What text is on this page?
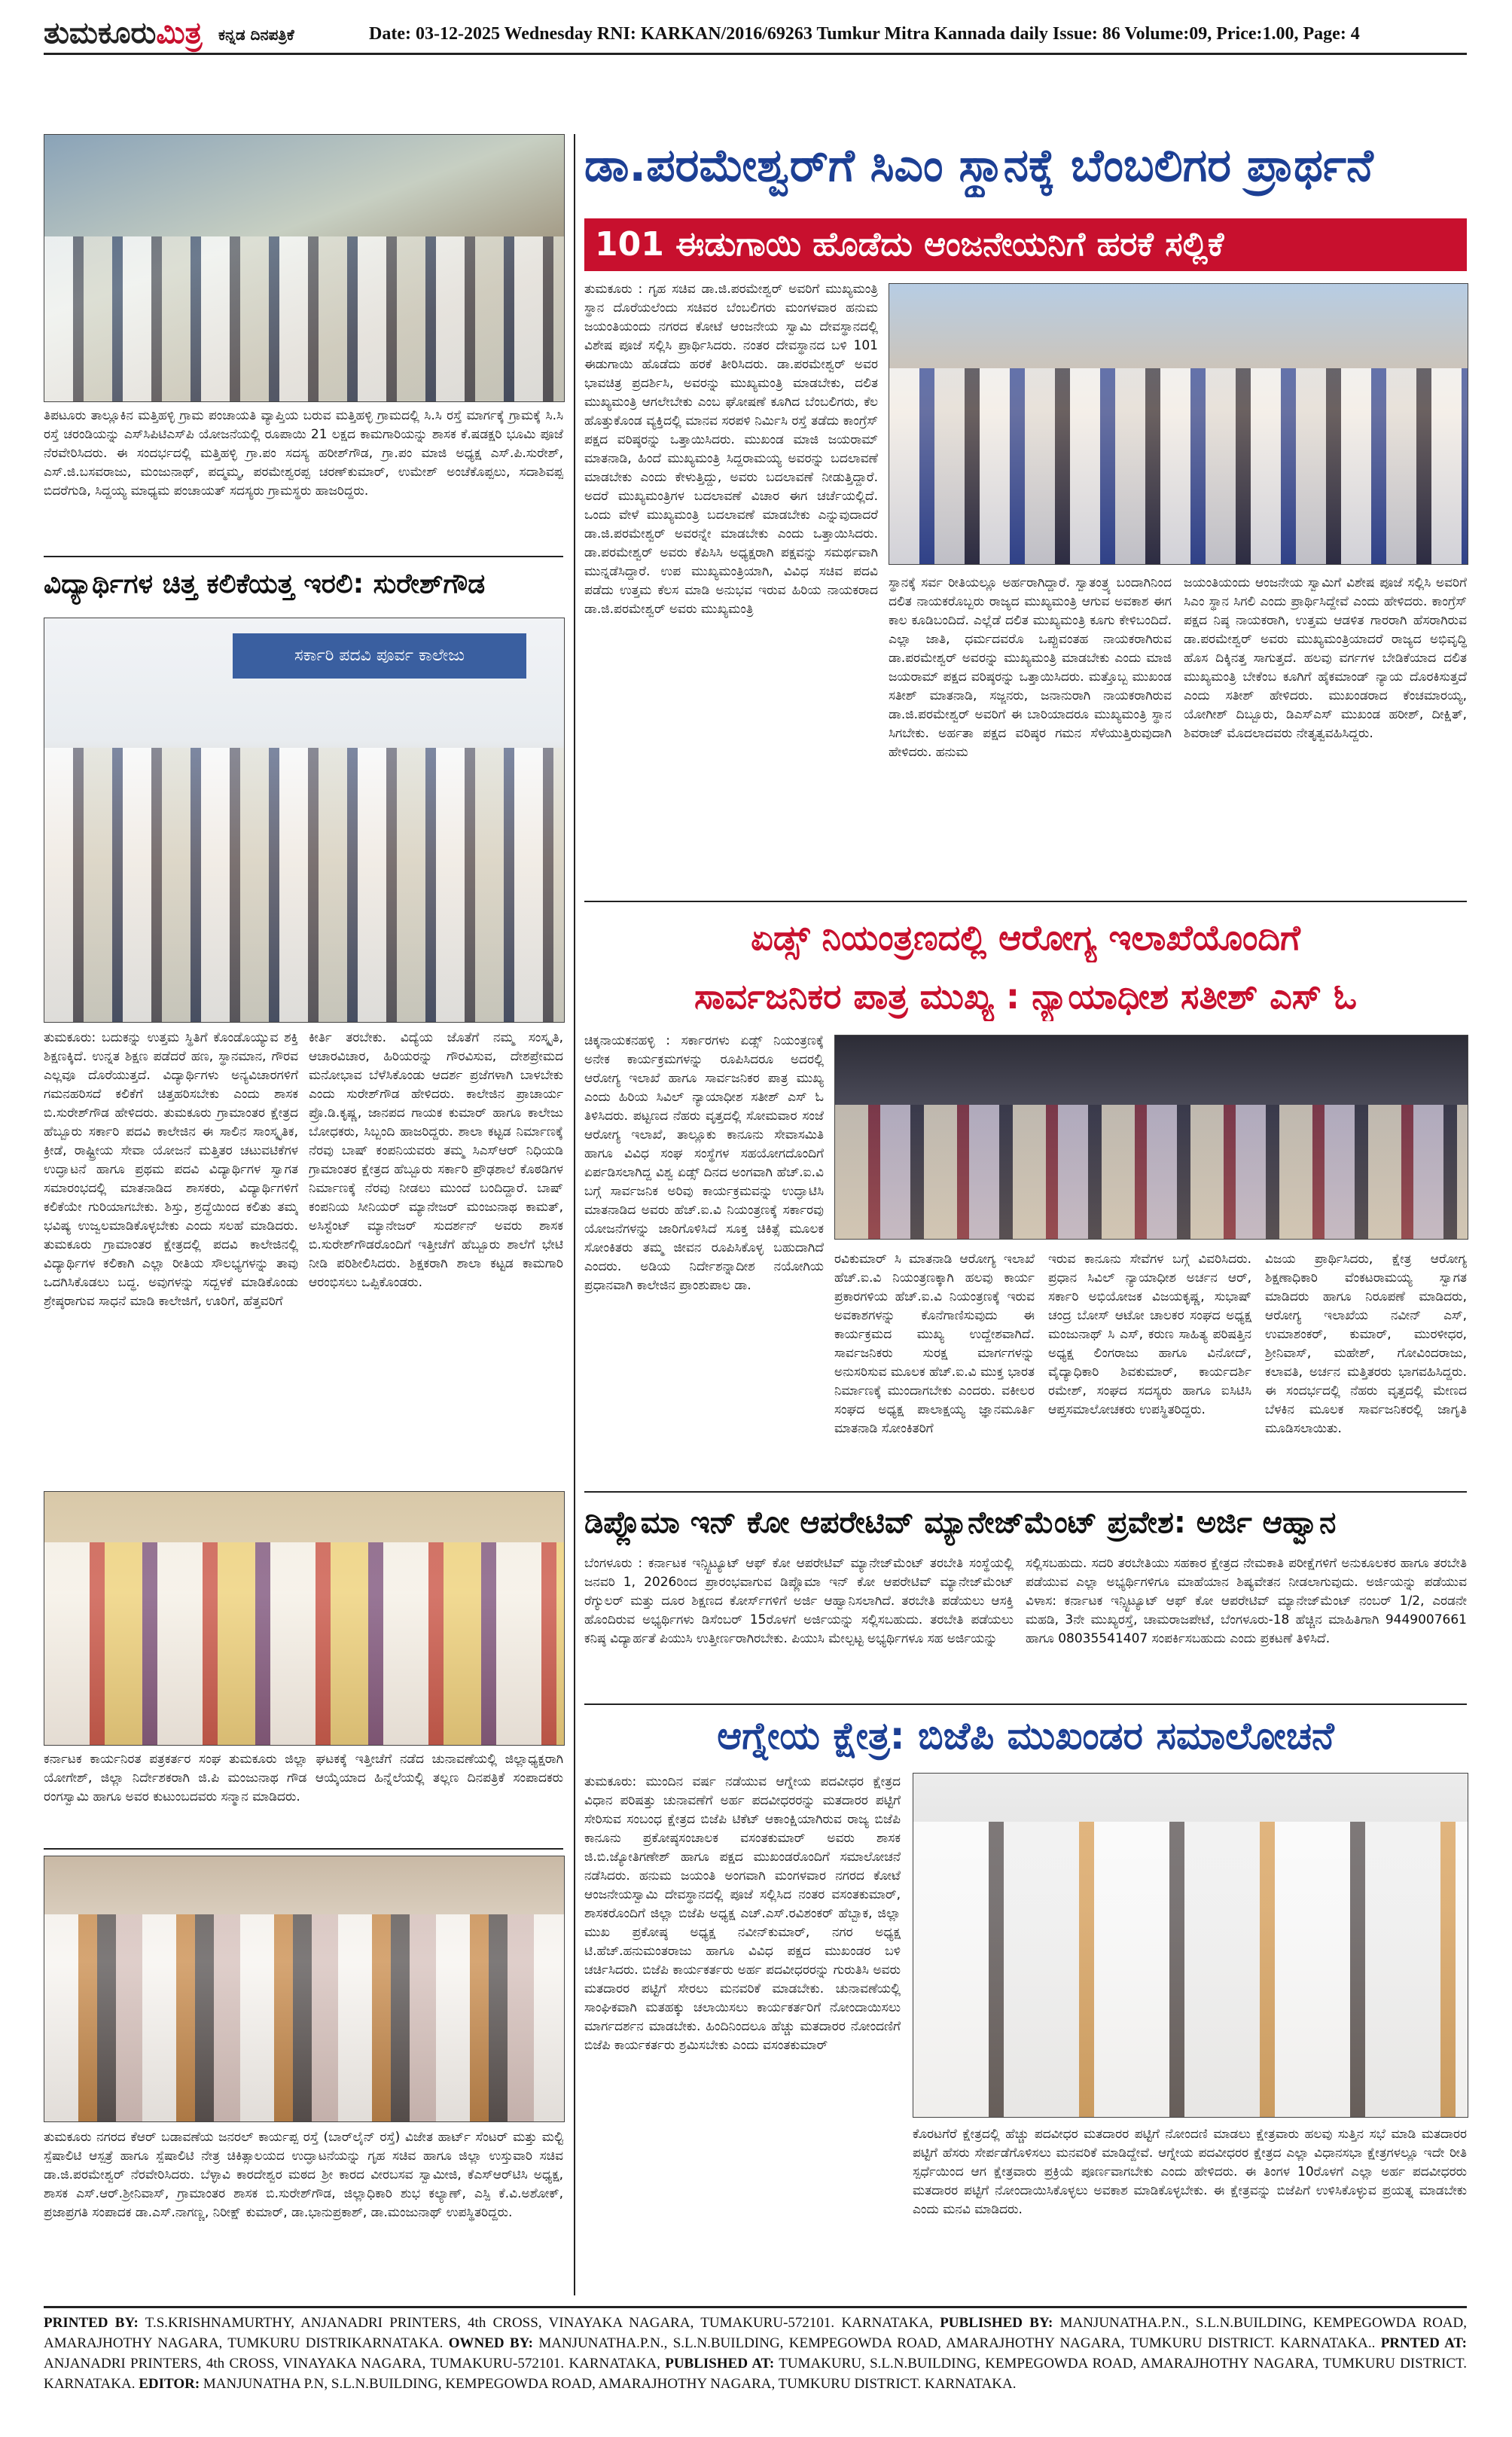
ತುಮಕೂರುಮಿತ್ರ ಕನ್ನಡ ದಿನಪತ್ರಿಕೆ	Date: 03-12-2025 Wednesday RNI: KARKAN/2016/69263 Tumkur Mitra Kannada daily Issue: 86 Volume:09, Price:1.00, Page: 4
ತಿಪಟೂರು ತಾಲ್ಲೂಕಿನ ಮತ್ತಿಹಳ್ಳಿ ಗ್ರಾಮ ಪಂಚಾಯತಿ ವ್ಯಾಪ್ತಿಯ ಬರುವ ಮತ್ತಿಹಳ್ಳಿ ಗ್ರಾಮದಲ್ಲಿ ಸಿ.ಸಿ ರಸ್ತೆ ಮಾರ್ಗಕ್ಕೆ ಗ್ರಾಮಕ್ಕೆ ಸಿ.ಸಿ ರಸ್ತೆ ಚರಂಡಿಯನ್ನು ಎಸ್‌ಸಿಪಿಟಿಎಸ್‌ಪಿ ಯೋಜನೆಯಲ್ಲಿ ರೂಪಾಯಿ 21 ಲಕ್ಷದ ಕಾಮಗಾರಿಯನ್ನು ಶಾಸಕ ಕೆ.ಷಡಕ್ಷರಿ ಭೂಮಿ ಪೂಜೆ ನೆರವೇರಿಸಿದರು. ಈ ಸಂದರ್ಭದಲ್ಲಿ ಮತ್ತಿಹಳ್ಳಿ ಗ್ರಾ.ಪಂ ಸದಸ್ಯ ಹರೀಶ್‌ಗೌಡ, ಗ್ರಾ.ಪಂ ಮಾಜಿ ಅಧ್ಯಕ್ಷ ಎಸ್.ಪಿ.ಸುರೇಶ್, ಎಸ್.ಜಿ.ಬಸವರಾಜು, ಮಂಜುನಾಥ್, ಪದ್ಮಮ್ಮ, ಪರಮೇಶ್ವರಪ್ಪ ಚರಣ್‌ಕುಮಾರ್, ಉಮೇಶ್ ಅಂಚೆಕೊಪ್ಪಲು, ಸದಾಶಿವಪ್ಪ ಬಿದರೆಗುಡಿ, ಸಿದ್ದಯ್ಯ ಮಾಧ್ಯಮ ಪಂಚಾಯತ್ ಸದಸ್ಯರು ಗ್ರಾಮಸ್ಥರು ಹಾಜರಿದ್ದರು.
ವಿದ್ಯಾರ್ಥಿಗಳ ಚಿತ್ತ ಕಲಿಕೆಯತ್ತ ಇರಲಿ: ಸುರೇಶ್‌ಗೌಡ
ಸರ್ಕಾರಿ ಪದವಿ ಪೂರ್ವ ಕಾಲೇಜು
ತುಮಕೂರು: ಬದುಕನ್ನು ಉತ್ತಮ ಸ್ಥಿತಿಗೆ ಕೊಂಡೊಯ್ಯುವ ಶಕ್ತಿ ಶಿಕ್ಷಣಕ್ಕಿದೆ. ಉನ್ನತ ಶಿಕ್ಷಣ ಪಡೆದರೆ ಹಣ, ಸ್ಥಾನಮಾನ, ಗೌರವ ಎಲ್ಲವೂ ದೊರೆಯುತ್ತದೆ. ವಿದ್ಯಾರ್ಥಿಗಳು ಅನ್ಯವಿಚಾರಗಳಿಗೆ ಗಮನಹರಿಸದೆ ಕಲಿಕೆಗೆ ಚಿತ್ತಹರಿಸಬೇಕು ಎಂದು ಶಾಸಕ ಬಿ.ಸುರೇಶ್‌ಗೌಡ ಹೇಳಿದರು. ತುಮಕೂರು ಗ್ರಾಮಾಂತರ ಕ್ಷೇತ್ರದ ಹೆಬ್ಬೂರು ಸರ್ಕಾರಿ ಪದವಿ ಕಾಲೇಜಿನ ಈ ಸಾಲಿನ ಸಾಂಸ್ಕೃತಿಕ, ಕ್ರೀಡೆ, ರಾಷ್ಟ್ರೀಯ ಸೇವಾ ಯೋಜನೆ ಮತ್ತಿತರ ಚಟುವಟಿಕೆಗಳ ಉದ್ಘಾಟನೆ ಹಾಗೂ ಪ್ರಥಮ ಪದವಿ ವಿದ್ಯಾರ್ಥಿಗಳ ಸ್ವಾಗತ ಸಮಾರಂಭದಲ್ಲಿ ಮಾತನಾಡಿದ ಶಾಸಕರು, ವಿದ್ಯಾರ್ಥಿಗಳಿಗೆ ಕಲಿಕೆಯೇ ಗುರಿಯಾಗಬೇಕು. ಶಿಸ್ತು, ಶ್ರದ್ಧೆಯಿಂದ ಕಲಿತು ತಮ್ಮ ಭವಿಷ್ಯ ಉಜ್ವಲಮಾಡಿಕೊಳ್ಳಬೇಕು ಎಂದು ಸಲಹೆ ಮಾಡಿದರು. ತುಮಕೂರು ಗ್ರಾಮಾಂತರ ಕ್ಷೇತ್ರದಲ್ಲಿ ಪದವಿ ಕಾಲೇಜಿನಲ್ಲಿ ವಿದ್ಯಾರ್ಥಿಗಳ ಕಲಿಕಾಗಿ ಎಲ್ಲಾ ರೀತಿಯ ಸೌಲಭ್ಯಗಳನ್ನು ತಾವು ಒದಗಿಸಿಕೊಡಲು ಬದ್ಧ. ಅವುಗಳನ್ನು ಸದ್ಬಳಕೆ ಮಾಡಿಕೊಂಡು ಶ್ರೇಷ್ಠರಾಗುವ ಸಾಧನೆ ಮಾಡಿ ಕಾಲೇಜಿಗೆ, ಊರಿಗೆ, ಹೆತ್ತವರಿಗೆ
ಕೀರ್ತಿ ತರಬೇಕು. ವಿದ್ಯೆಯ ಜೊತೆಗೆ ನಮ್ಮ ಸಂಸ್ಕೃತಿ, ಆಚಾರವಿಚಾರ, ಹಿರಿಯರನ್ನು ಗೌರವಿಸುವ, ದೇಶಪ್ರೇಮದ ಮನೋಭಾವ ಬೆಳೆಸಿಕೊಂಡು ಆದರ್ಶ ಪ್ರಜೆಗಳಾಗಿ ಬಾಳಬೇಕು ಎಂದು ಸುರೇಶ್‌ಗೌಡ ಹೇಳಿದರು. ಕಾಲೇಜಿನ ಪ್ರಾಚಾರ್ಯ ಪ್ರೊ.ಡಿ.ಕೃಷ್ಣ, ಜಾನಪದ ಗಾಯಕ ಕುಮಾರ್ ಹಾಗೂ ಕಾಲೇಜು ಬೋಧಕರು, ಸಿಬ್ಬಂದಿ ಹಾಜರಿದ್ದರು. ಶಾಲಾ ಕಟ್ಟಡ ನಿರ್ಮಾಣಕ್ಕೆ ನೆರವು ಬಾಷ್ ಕಂಪನಿಯವರು ತಮ್ಮ ಸಿಎಸ್‌ಆರ್ ನಿಧಿಯಡಿ ಗ್ರಾಮಾಂತರ ಕ್ಷೇತ್ರದ ಹೆಬ್ಬೂರು ಸರ್ಕಾರಿ ಪ್ರೌಢಶಾಲೆ ಕೊಠಡಿಗಳ ನಿರ್ಮಾಣಕ್ಕೆ ನೆರವು ನೀಡಲು ಮುಂದೆ ಬಂದಿದ್ದಾರೆ. ಬಾಷ್ ಕಂಪನಿಯ ಸೀನಿಯರ್ ಮ್ಯಾನೇಜರ್ ಮಂಜುನಾಥ ಕಾಮತ್, ಅಸಿಸ್ಟೆಂಟ್ ಮ್ಯಾನೇಜರ್ ಸುದರ್ಶನ್ ಅವರು ಶಾಸಕ ಬಿ.ಸುರೇಶ್‌ಗೌಡರೊಂದಿಗೆ ಇತ್ತೀಚೆಗೆ ಹೆಬ್ಬೂರು ಶಾಲೆಗೆ ಭೇಟಿ ನೀಡಿ ಪರಿಶೀಲಿಸಿದರು. ಶಿಕ್ಷಕರಾಗಿ ಶಾಲಾ ಕಟ್ಟಡ ಕಾಮಗಾರಿ ಆರಂಭಿಸಲು ಒಪ್ಪಿಕೊಂಡರು.
ಕರ್ನಾಟಕ ಕಾರ್ಯನಿರತ ಪತ್ರಕರ್ತರ ಸಂಘ ತುಮಕೂರು ಜಿಲ್ಲಾ ಘಟಕಕ್ಕೆ ಇತ್ತೀಚೆಗೆ ನಡೆದ ಚುನಾವಣೆಯಲ್ಲಿ ಜಿಲ್ಲಾಧ್ಯಕ್ಷರಾಗಿ ಯೋಗೇಶ್, ಜಿಲ್ಲಾ ನಿರ್ದೇಶಕರಾಗಿ ಜಿ.ಪಿ ಮಂಜುನಾಥ ಗೌಡ ಆಯ್ಕೆಯಾದ ಹಿನ್ನೆಲೆಯಲ್ಲಿ ತಲ್ಲಣ ದಿನಪತ್ರಿಕೆ ಸಂಪಾದಕರು ರಂಗಸ್ವಾಮಿ ಹಾಗೂ ಅವರ ಕುಟುಂಬದವರು ಸನ್ಮಾನ ಮಾಡಿದರು.
ತುಮಕೂರು ನಗರದ ಕೆಆರ್ ಬಡಾವಣೆಯ ಜನರಲ್ ಕಾರ್ಯಪ್ಪ ರಸ್ತೆ (ಬಾರ್‌ಲೈನ್ ರಸ್ತೆ) ವಿಜೇತ ಹಾರ್ಟ್ ಸೆಂಟರ್ ಮತ್ತು ಮಲ್ಟಿ ಸ್ಪೆಷಾಲಿಟಿ ಆಸ್ಪತ್ರೆ ಹಾಗೂ ಸ್ಪೆಷಾಲಿಟಿ ನೇತ್ರ ಚಿಕಿತ್ಸಾಲಯದ ಉದ್ಘಾಟನೆಯನ್ನು ಗೃಹ ಸಚಿವ ಹಾಗೂ ಜಿಲ್ಲಾ ಉಸ್ತುವಾರಿ ಸಚಿವ ಡಾ.ಜಿ.ಪರಮೇಶ್ವರ್ ನೆರವೇರಿಸಿದರು. ಬೆಳ್ಳಾವಿ ಕಾರದೇಶ್ವರ ಮಠದ ಶ್ರೀ ಕಾರದ ವೀರಬಸವ ಸ್ವಾಮೀಜಿ, ಕೆಎಸ್‌ಆರ್‌ಟಿಸಿ ಅಧ್ಯಕ್ಷ, ಶಾಸಕ ಎಸ್.ಆರ್.ಶ್ರೀನಿವಾಸ್, ಗ್ರಾಮಾಂತರ ಶಾಸಕ ಬಿ.ಸುರೇಶ್‌ಗೌಡ, ಜಿಲ್ಲಾಧಿಕಾರಿ ಶುಭ ಕಲ್ಯಾಣ್, ಎಸ್ಪಿ ಕೆ.ವಿ.ಅಶೋಕ್, ಪ್ರಜಾಪ್ರಗತಿ ಸಂಪಾದಕ ಡಾ.ಎಸ್.ನಾಗಣ್ಣ, ನಿರೀಕ್ಷ್ ಕುಮಾರ್, ಡಾ.ಭಾನುಪ್ರಕಾಶ್, ಡಾ.ಮಂಜುನಾಥ್ ಉಪಸ್ಥಿತರಿದ್ದರು.
ಡಾ.ಪರಮೇಶ್ವರ್‌ಗೆ ಸಿಎಂ ಸ್ಥಾನಕ್ಕೆ ಬೆಂಬಲಿಗರ ಪ್ರಾರ್ಥನೆ
101 ಈಡುಗಾಯಿ ಹೊಡೆದು ಆಂಜನೇಯನಿಗೆ ಹರಕೆ ಸಲ್ಲಿಕೆ
ತುಮಕೂರು : ಗೃಹ ಸಚಿವ ಡಾ.ಜಿ.ಪರಮೇಶ್ವರ್ ಅವರಿಗೆ ಮುಖ್ಯಮಂತ್ರಿ ಸ್ಥಾನ ದೊರೆಯಲೆಂದು ಸಚಿವರ ಬೆಂಬಲಿಗರು ಮಂಗಳವಾರ ಹನುಮ ಜಯಂತಿಯಂದು ನಗರದ ಕೋಟೆ ಆಂಜನೇಯ ಸ್ವಾಮಿ ದೇವಸ್ಥಾನದಲ್ಲಿ ವಿಶೇಷ ಪೂಜೆ ಸಲ್ಲಿಸಿ ಪ್ರಾರ್ಥಿಸಿದರು. ನಂತರ ದೇವಸ್ಥಾನದ ಬಳಿ 101 ಈಡುಗಾಯಿ ಹೊಡೆದು ಹರಕೆ ತೀರಿಸಿದರು. ಡಾ.ಪರಮೇಶ್ವರ್ ಅವರ ಭಾವಚಿತ್ರ ಪ್ರದರ್ಶಿಸಿ, ಅವರನ್ನು ಮುಖ್ಯಮಂತ್ರಿ ಮಾಡಬೇಕು, ದಲಿತ ಮುಖ್ಯಮಂತ್ರಿ ಆಗಲೇಬೇಕು ಎಂಬ ಘೋಷಣೆ ಕೂಗಿದ ಬೆಂಬಲಿಗರು, ಕೆಲ ಹೊತ್ತುಕೊಂಡ ವ್ಯಕ್ತಿದಲ್ಲಿ ಮಾನವ ಸರಪಳಿ ನಿರ್ಮಿಸಿ ರಸ್ತೆ ತಡೆದು ಕಾಂಗ್ರೆಸ್ ಪಕ್ಷದ ವರಿಷ್ಠರನ್ನು ಒತ್ತಾಯಿಸಿದರು. ಮುಖಂಡ ಮಾಜಿ ಜಯರಾಮ್ ಮಾತನಾಡಿ, ಹಿಂದೆ ಮುಖ್ಯಮಂತ್ರಿ ಸಿದ್ದರಾಮಯ್ಯ ಅವರನ್ನು ಬದಲಾವಣೆ ಮಾಡಬೇಕು ಎಂದು ಕೇಳುತ್ತಿದ್ದು, ಅವರು ಬದಲಾವಣೆ ನೀಡುತ್ತಿದ್ದಾರೆ. ಅದರೆ ಮುಖ್ಯಮಂತ್ರಿಗಳ ಬದಲಾವಣೆ ವಿಚಾರ ಈಗ ಚರ್ಚೆಯಲ್ಲಿದೆ. ಒಂದು ವೇಳೆ ಮುಖ್ಯಮಂತ್ರಿ ಬದಲಾವಣೆ ಮಾಡಬೇಕು ಎನ್ನುವುದಾದರೆ ಡಾ.ಜಿ.ಪರಮೇಶ್ವರ್ ಅವರನ್ನೇ ಮಾಡಬೇಕು ಎಂದು ಒತ್ತಾಯಿಸಿದರು. ಡಾ.ಪರಮೇಶ್ವರ್ ಅವರು ಕೆಪಿಸಿಸಿ ಅಧ್ಯಕ್ಷರಾಗಿ ಪಕ್ಷವನ್ನು ಸಮರ್ಥವಾಗಿ ಮುನ್ನಡೆಸಿದ್ದಾರೆ. ಉಪ ಮುಖ್ಯಮಂತ್ರಿಯಾಗಿ, ವಿವಿಧ ಸಚಿವ ಪದವಿ ಪಡೆದು ಉತ್ತಮ ಕೆಲಸ ಮಾಡಿ ಅನುಭವ ಇರುವ ಹಿರಿಯ ನಾಯಕರಾದ ಡಾ.ಜಿ.ಪರಮೇಶ್ವರ್ ಅವರು ಮುಖ್ಯಮಂತ್ರಿ
ಸ್ಥಾನಕ್ಕೆ ಸರ್ವ ರೀತಿಯಲ್ಲೂ ಅರ್ಹರಾಗಿದ್ದಾರೆ. ಸ್ವಾತಂತ್ರ್ಯ ಬಂದಾಗಿನಿಂದ ದಲಿತ ನಾಯಕರೊಬ್ಬರು ರಾಜ್ಯದ ಮುಖ್ಯಮಂತ್ರಿ ಆಗುವ ಅವಕಾಶ ಈಗ ಕಾಲ ಕೂಡಿಬಂದಿದೆ. ಎಲ್ಲೆಡೆ ದಲಿತ ಮುಖ್ಯಮಂತ್ರಿ ಕೂಗು ಕೇಳಿಬಂದಿದೆ. ಎಲ್ಲಾ ಜಾತಿ, ಧರ್ಮದವರೊ ಒಪ್ಪುವಂತಹ ನಾಯಕರಾಗಿರುವ ಡಾ.ಪರಮೇಶ್ವರ್ ಅವರನ್ನು ಮುಖ್ಯಮಂತ್ರಿ ಮಾಡಬೇಕು ಎಂದು ಮಾಜಿ ಜಯರಾಮ್ ಪಕ್ಷದ ವರಿಷ್ಠರನ್ನು ಒತ್ತಾಯಿಸಿದರು. ಮತ್ತೊಬ್ಬ ಮುಖಂಡ ಸತೀಶ್ ಮಾತನಾಡಿ, ಸಜ್ಜನರು, ಜನಾನುರಾಗಿ ನಾಯಕರಾಗಿರುವ ಡಾ.ಜಿ.ಪರಮೇಶ್ವರ್ ಅವರಿಗೆ ಈ ಬಾರಿಯಾದರೂ ಮುಖ್ಯಮಂತ್ರಿ ಸ್ಥಾನ ಸಿಗಬೇಕು. ಅರ್ಹತಾ ಪಕ್ಷದ ವರಿಷ್ಠರ ಗಮನ ಸೆಳೆಯುತ್ತಿರುವುದಾಗಿ ಹೇಳಿದರು. ಹನುಮ
ಜಯಂತಿಯಂದು ಆಂಜನೇಯ ಸ್ವಾಮಿಗೆ ವಿಶೇಷ ಪೂಜೆ ಸಲ್ಲಿಸಿ ಅವರಿಗೆ ಸಿಎಂ ಸ್ಥಾನ ಸಿಗಲಿ ಎಂದು ಪ್ರಾರ್ಥಿಸಿದ್ದೇವೆ ಎಂದು ಹೇಳಿದರು. ಕಾಂಗ್ರೆಸ್ ಪಕ್ಷದ ನಿಷ್ಠ ನಾಯಕರಾಗಿ, ಉತ್ತಮ ಆಡಳಿತ ಗಾರರಾಗಿ ಹೆಸರಾಗಿರುವ ಡಾ.ಪರಮೇಶ್ವರ್ ಅವರು ಮುಖ್ಯಮಂತ್ರಿಯಾದರೆ ರಾಜ್ಯದ ಅಭಿವೃದ್ಧಿ ಹೊಸ ದಿಕ್ಕಿನತ್ತ ಸಾಗುತ್ತದೆ. ಹಲವು ವರ್ಗಗಳ ಬೇಡಿಕೆಯಾದ ದಲಿತ ಮುಖ್ಯಮಂತ್ರಿ ಬೇಕೆಂಬ ಕೂಗಿಗೆ ಹೈಕಮಾಂಡ್ ನ್ಯಾಯ ದೊರಕಿಸುತ್ತದೆ ಎಂದು ಸತೀಶ್ ಹೇಳಿದರು. ಮುಖಂಡರಾದ ಕೆಂಚಮಾರಯ್ಯ, ಯೋಗೀಶ್ ದಿಬ್ಬೂರು, ಡಿಎಸ್‌ಎಸ್ ಮುಖಂಡ ಹರೀಶ್, ದೀಕ್ಷಿತ್, ಶಿವರಾಜ್ ಮೊದಲಾದವರು ನೇತೃತ್ವವಹಿಸಿದ್ದರು.
ಏಡ್ಸ್ ನಿಯಂತ್ರಣದಲ್ಲಿ ಆರೋಗ್ಯ ಇಲಾಖೆಯೊಂದಿಗೆ
ಸಾರ್ವಜನಿಕರ ಪಾತ್ರ ಮುಖ್ಯ : ನ್ಯಾಯಾಧೀಶ ಸತೀಶ್ ಎಸ್ ಓ
ಚಿಕ್ಕನಾಯಕನಹಳ್ಳಿ : ಸರ್ಕಾರಗಳು ಏಡ್ಸ್ ನಿಯಂತ್ರಣಕ್ಕೆ ಅನೇಕ ಕಾರ್ಯಕ್ರಮಗಳನ್ನು ರೂಪಿಸಿದರೂ ಅದರಲ್ಲಿ ಆರೋಗ್ಯ ಇಲಾಖೆ ಹಾಗೂ ಸಾರ್ವಜನಿಕರ ಪಾತ್ರ ಮುಖ್ಯ ಎಂದು ಹಿರಿಯ ಸಿವಿಲ್ ನ್ಯಾಯಾಧೀಶ ಸತೀಶ್ ಎಸ್ ಓ ತಿಳಿಸಿದರು. ಪಟ್ಟಣದ ನೆಹರು ವೃತ್ತದಲ್ಲಿ ಸೋಮವಾರ ಸಂಜೆ ಆರೋಗ್ಯ ಇಲಾಖೆ, ತಾಲ್ಲೂಕು ಕಾನೂನು ಸೇವಾಸಮಿತಿ ಹಾಗೂ ವಿವಿಧ ಸಂಘ ಸಂಸ್ಥೆಗಳ ಸಹಯೋಗದೊಂದಿಗೆ ಏರ್ಪಡಿಸಲಾಗಿದ್ದ ವಿಶ್ವ ಏಡ್ಸ್ ದಿನದ ಅಂಗವಾಗಿ ಹೆಚ್.ಐ.ವಿ ಬಗ್ಗೆ ಸಾರ್ವಜನಿಕ ಅರಿವು ಕಾರ್ಯಕ್ರಮವನ್ನು ಉದ್ಘಾಟಿಸಿ ಮಾತನಾಡಿದ ಅವರು ಹೆಚ್.ಐ.ವಿ ನಿಯಂತ್ರಣಕ್ಕೆ ಸರ್ಕಾರವು ಯೋಜನೆಗಳನ್ನು ಜಾರಿಗೊಳಿಸಿದೆ ಸೂಕ್ತ ಚಿಕಿತ್ಸೆ ಮೂಲಕ ಸೋಂಕಿತರು ತಮ್ಮ ಜೀವನ ರೂಪಿಸಿಕೊಳ್ಳ ಬಹುದಾಗಿದೆ ಎಂದರು. ಅಡಿಯ ನಿರ್ದೇಶನ್ನಾದೀಶ ನಯೋಗಿಯ ಪ್ರಧಾನವಾಗಿ ಕಾಲೇಜಿನ ಪ್ರಾಂಶುಪಾಲ ಡಾ.
ರವಿಕುಮಾರ್ ಸಿ ಮಾತನಾಡಿ ಆರೋಗ್ಯ ಇಲಾಖೆ ಹೆಚ್.ಐ.ವಿ ನಿಯಂತ್ರಣಕ್ಕಾಗಿ ಹಲವು ಕಾರ್ಯ ಪ್ರಕಾರಗಳಿಯ ಹೆಚ್.ಐ.ವಿ ನಿಯಂತ್ರಣಕ್ಕೆ ಇರುವ ಅವಕಾಶಗಳನ್ನು ಕೊನೆಗಾಣಿಸುವುದು ಈ ಕಾರ್ಯಕ್ರಮದ ಮುಖ್ಯ ಉದ್ದೇಶವಾಗಿದೆ. ಸಾರ್ವಜನಿಕರು ಸುರಕ್ಷ ಮಾರ್ಗಗಳನ್ನು ಅನುಸರಿಸುವ ಮೂಲಕ ಹೆಚ್.ಐ.ವಿ ಮುಕ್ತ ಭಾರತ ನಿರ್ಮಾಣಕ್ಕೆ ಮುಂದಾಗಬೇಕು ಎಂದರು. ವಕೀಲರ ಸಂಘದ ಅಧ್ಯಕ್ಷ ಪಾಲಾಕ್ಷಯ್ಯ ಜ್ಞಾನಮೂರ್ತಿ ಮಾತನಾಡಿ ಸೋಂಕಿತರಿಗೆ
ಇರುವ ಕಾನೂನು ಸೇವೆಗಳ ಬಗ್ಗೆ ವಿವರಿಸಿದರು. ಪ್ರಧಾನ ಸಿವಿಲ್ ನ್ಯಾಯಾಧೀಶ ಅರ್ಚನ ಆರ್, ಸರ್ಕಾರಿ ಅಭಿಯೋಜಕ ವಿಜಯಕೃಷ್ಣ, ಸುಭಾಷ್ ಚಂದ್ರ ಬೋಸ್ ಆಟೋ ಚಾಲಕರ ಸಂಘದ ಅಧ್ಯಕ್ಷ ಮಂಜುನಾಥ್ ಸಿ ಎಸ್, ಕರುಣ ಸಾಹಿತ್ಯ ಪರಿಷತ್ತಿನ ಅಧ್ಯಕ್ಷ ಲಿಂಗರಾಜು ಹಾಗೂ ವಿನೋದ್, ವೈದ್ಯಾಧಿಕಾರಿ ಶಿವಕುಮಾರ್, ಕಾರ್ಯದರ್ಶಿ ರಮೇಶ್, ಸಂಘದ ಸದಸ್ಯರು ಹಾಗೂ ಐಸಿಟಿಸಿ ಆಪ್ತಸಮಾಲೋಚಕರು ಉಪಸ್ಥಿತರಿದ್ದರು.
ವಿಜಯ ಪ್ರಾರ್ಥಿಸಿದರು, ಕ್ಷೇತ್ರ ಆರೋಗ್ಯ ಶಿಕ್ಷಣಾಧಿಕಾರಿ ವೆಂಕಟರಾಮಯ್ಯ ಸ್ವಾಗತ ಮಾಡಿದರು ಹಾಗೂ ನಿರೂಪಣೆ ಮಾಡಿದರು, ಆರೋಗ್ಯ ಇಲಾಖೆಯ ನವೀನ್ ಎಸ್, ಉಮಾಶಂಕರ್, ಕುಮಾರ್, ಮುರಳೀಧರ, ಶ್ರೀನಿವಾಸ್, ಮಹೇಶ್, ಗೋವಿಂದರಾಜು, ಕಲಾವತಿ, ಅರ್ಚನ ಮತ್ತಿತರರು ಭಾಗವಹಿಸಿದ್ದರು. ಈ ಸಂದರ್ಭದಲ್ಲಿ ನೆಹರು ವೃತ್ತದಲ್ಲಿ ಮೇಣದ ಬೆಳಕಿನ ಮೂಲಕ ಸಾರ್ವಜನಿಕರಲ್ಲಿ ಜಾಗೃತಿ ಮೂಡಿಸಲಾಯಿತು.
ಡಿಪ್ಲೊಮಾ ಇನ್ ಕೋ ಆಪರೇಟಿವ್ ಮ್ಯಾನೇಜ್‌ಮೆಂಟ್ ಪ್ರವೇಶ: ಅರ್ಜಿ ಆಹ್ವಾನ
ಬೆಂಗಳೂರು : ಕರ್ನಾಟಕ ಇನ್ಸ್ಟಿಟ್ಯೂಟ್ ಆಫ್ ಕೋ ಆಪರೇಟಿವ್ ಮ್ಯಾನೇಜ್‌ಮೆಂಟ್ ತರಬೇತಿ ಸಂಸ್ಥೆಯಲ್ಲಿ ಜನವರಿ 1, 2026ರಿಂದ ಪ್ರಾರಂಭವಾಗುವ ಡಿಪ್ಲೊಮಾ ಇನ್ ಕೋ ಆಪರೇಟಿವ್ ಮ್ಯಾನೇಜ್‌ಮೆಂಟ್ ರೆಗ್ಯುಲರ್ ಮತ್ತು ದೂರ ಶಿಕ್ಷಣದ ಕೋರ್ಸ್‌ಗಳಿಗೆ ಅರ್ಜಿ ಆಹ್ವಾನಿಸಲಾಗಿದೆ. ತರಬೇತಿ ಪಡೆಯಲು ಆಸಕ್ತಿ ಹೊಂದಿರುವ ಅಭ್ಯರ್ಥಿಗಳು ಡಿಸೆಂಬರ್ 15ರೊಳಗೆ ಅರ್ಜಿಯನ್ನು ಸಲ್ಲಿಸಬಹುದು. ತರಬೇತಿ ಪಡೆಯಲು ಕನಿಷ್ಠ ವಿದ್ಯಾರ್ಹತೆ ಪಿಯುಸಿ ಉತ್ತೀರ್ಣರಾಗಿರಬೇಕು. ಪಿಯುಸಿ ಮೇಲ್ಪಟ್ಟ ಅಭ್ಯರ್ಥಿಗಳೂ ಸಹ ಅರ್ಜಿಯನ್ನು
ಸಲ್ಲಿಸಬಹುದು. ಸದರಿ ತರಬೇತಿಯು ಸಹಕಾರ ಕ್ಷೇತ್ರದ ನೇಮಕಾತಿ ಪರೀಕ್ಷೆಗಳಿಗೆ ಅನುಕೂಲಕರ ಹಾಗೂ ತರಬೇತಿ ಪಡೆಯುವ ಎಲ್ಲಾ ಅಭ್ಯರ್ಥಿಗಳಿಗೂ ಮಾಹೆಯಾನ ಶಿಷ್ಯವೇತನ ನೀಡಲಾಗುವುದು. ಅರ್ಜಿಯನ್ನು ಪಡೆಯುವ ವಿಳಾಸ: ಕರ್ನಾಟಕ ಇನ್ಸ್ಟಿಟ್ಯೂಟ್ ಆಫ್ ಕೋ ಆಪರೇಟಿವ್ ಮ್ಯಾನೇಜ್‌ಮೆಂಟ್ ನಂಬರ್ 1/2, ಎರಡನೇ ಮಹಡಿ, 3ನೇ ಮುಖ್ಯರಸ್ತೆ, ಚಾಮರಾಜಪೇಟೆ, ಬೆಂಗಳೂರು-18 ಹೆಚ್ಚಿನ ಮಾಹಿತಿಗಾಗಿ 9449007661 ಹಾಗೂ 08035541407 ಸಂಪರ್ಕಿಸಬಹುದು ಎಂದು ಪ್ರಕಟಣೆ ತಿಳಿಸಿದೆ.
ಆಗ್ನೇಯ ಕ್ಷೇತ್ರ: ಬಿಜೆಪಿ ಮುಖಂಡರ ಸಮಾಲೋಚನೆ
ತುಮಕೂರು: ಮುಂದಿನ ವರ್ಷ ನಡೆಯುವ ಆಗ್ನೇಯ ಪದವೀಧರ ಕ್ಷೇತ್ರದ ವಿಧಾನ ಪರಿಷತ್ತು ಚುನಾವಣೆಗೆ ಅರ್ಹ ಪದವೀಧರರನ್ನು ಮತದಾರರ ಪಟ್ಟಿಗೆ ಸೇರಿಸುವ ಸಂಬಂಧ ಕ್ಷೇತ್ರದ ಬಿಜೆಪಿ ಟಿಕೆಟ್ ಆಕಾಂಕ್ಷಿಯಾಗಿರುವ ರಾಜ್ಯ ಬಿಜೆಪಿ ಕಾನೂನು ಪ್ರಕೋಷ್ಠಸಂಚಾಲಕ ವಸಂತಕುಮಾರ್ ಅವರು ಶಾಸಕ ಜಿ.ಬಿ.ಜ್ಯೋತಿಗಣೇಶ್ ಹಾಗೂ ಪಕ್ಷದ ಮುಖಂಡರೊಂದಿಗೆ ಸಮಾಲೋಚನೆ ನಡೆಸಿದರು. ಹನುಮ ಜಯಂತಿ ಅಂಗವಾಗಿ ಮಂಗಳವಾರ ನಗರದ ಕೋಟೆ ಆಂಜನೇಯಸ್ವಾಮಿ ದೇವಸ್ಥಾನದಲ್ಲಿ ಪೂಜೆ ಸಲ್ಲಿಸಿದ ನಂತರ ವಸಂತಕುಮಾರ್, ಶಾಸಕರೊಂದಿಗೆ ಜಿಲ್ಲಾ ಬಿಜೆಪಿ ಅಧ್ಯಕ್ಷ ಎಚ್.ಎಸ್.ರವಿಶಂಕರ್ ಹೆಬ್ಬಾಕ, ಜಿಲ್ಲಾ ಮುಖ ಪ್ರಕೋಷ್ಠ ಅಧ್ಯಕ್ಷ ನವೀನ್‌ಕುಮಾರ್, ನಗರ ಅಧ್ಯಕ್ಷ ಟಿ.ಹೆಚ್.ಹನುಮಂತರಾಜು ಹಾಗೂ ವಿವಿಧ ಪಕ್ಷದ ಮುಖಂಡರ ಬಳಿ ಚರ್ಚಿಸಿದರು. ಬಿಜೆಪಿ ಕಾರ್ಯಕರ್ತರು ಅರ್ಹ ಪದವೀಧರರನ್ನು ಗುರುತಿಸಿ ಅವರು ಮತದಾರರ ಪಟ್ಟಿಗೆ ಸೇರಲು ಮನವರಿಕೆ ಮಾಡಬೇಕು. ಚುನಾವಣೆಯಲ್ಲಿ ಸಾಂಘಿಕವಾಗಿ ಮತಹಕ್ಕು ಚಲಾಯಿಸಲು ಕಾರ್ಯಕರ್ತರಿಗೆ ನೋಂದಾಯಿಸಲು ಮಾರ್ಗದರ್ಶನ ಮಾಡಬೇಕು. ಹಿಂದಿನಿಂದಲೂ ಹೆಚ್ಚು ಮತದಾರರ ನೋಂದಣಿಗೆ ಬಿಜೆಪಿ ಕಾರ್ಯಕರ್ತರು ಶ್ರಮಿಸಬೇಕು ಎಂದು ವಸಂತಕುಮಾರ್
ಕೊರಟಗೆರೆ ಕ್ಷೇತ್ರದಲ್ಲಿ ಹೆಚ್ಚು ಪದವೀಧರ ಮತದಾರರ ಪಟ್ಟಿಗೆ ನೋಂದಣಿ ಮಾಡಲು ಕ್ಷೇತ್ರವಾರು ಹಲವು ಸುತ್ತಿನ ಸಭೆ ಮಾಡಿ ಮತದಾರರ ಪಟ್ಟಿಗೆ ಹೆಸರು ಸೇರ್ಪಡೆಗೊಳಿಸಲು ಮನವರಿಕೆ ಮಾಡಿದ್ದೇವೆ. ಆಗ್ನೇಯ ಪದವೀಧರರ ಕ್ಷೇತ್ರದ ಎಲ್ಲಾ ವಿಧಾನಸಭಾ ಕ್ಷೇತ್ರಗಳಲ್ಲೂ ಇದೇ ರೀತಿ ಸ್ಪರ್ಧೆಯಿಂದ ಆಗ ಕ್ಷೇತ್ರವಾರು ಪ್ರಕ್ರಿಯೆ ಪೂರ್ಣವಾಗಬೇಕು ಎಂದು ಹೇಳಿದರು. ಈ ತಿಂಗಳ 10ರೊಳಗೆ ಎಲ್ಲಾ ಅರ್ಹ ಪದವೀಧರರು ಮತದಾರರ ಪಟ್ಟಿಗೆ ನೋಂದಾಯಿಸಿಕೊಳ್ಳಲು ಅವಕಾಶ ಮಾಡಿಕೊಳ್ಳಬೇಕು. ಈ ಕ್ಷೇತ್ರವನ್ನು ಬಿಜೆಪಿಗೆ ಉಳಿಸಿಕೊಳ್ಳುವ ಪ್ರಯತ್ನ ಮಾಡಬೇಕು ಎಂದು ಮನವಿ ಮಾಡಿದರು.
PRINTED BY: T.S.KRISHNAMURTHY, ANJANADRI PRINTERS, 4th CROSS, VINAYAKA NAGARA, TUMAKURU-572101. KARNATAKA, PUBLISHED BY: MANJUNATHA.P.N., S.L.N.BUILDING, KEMPEGOWDA ROAD, AMARAJHOTHY NAGARA, TUMKURU DISTRIKARNATAKA. OWNED BY: MANJUNATHA.P.N., S.L.N.BUILDING, KEMPEGOWDA ROAD, AMARAJHOTHY NAGARA, TUMKURU DISTRICT. KARNATAKA.. PRNTED AT: ANJANADRI PRINTERS, 4th CROSS, VINAYAKA NAGARA, TUMAKURU-572101. KARNATAKA, PUBLISHED AT: TUMAKURU, S.L.N.BUILDING, KEMPEGOWDA ROAD, AMARAJHOTHY NAGARA, TUMKURU DISTRICT. KARNATAKA. EDITOR: MANJUNATHA P.N, S.L.N.BUILDING, KEMPEGOWDA ROAD, AMARAJHOTHY NAGARA, TUMKURU DISTRICT. KARNATAKA.
